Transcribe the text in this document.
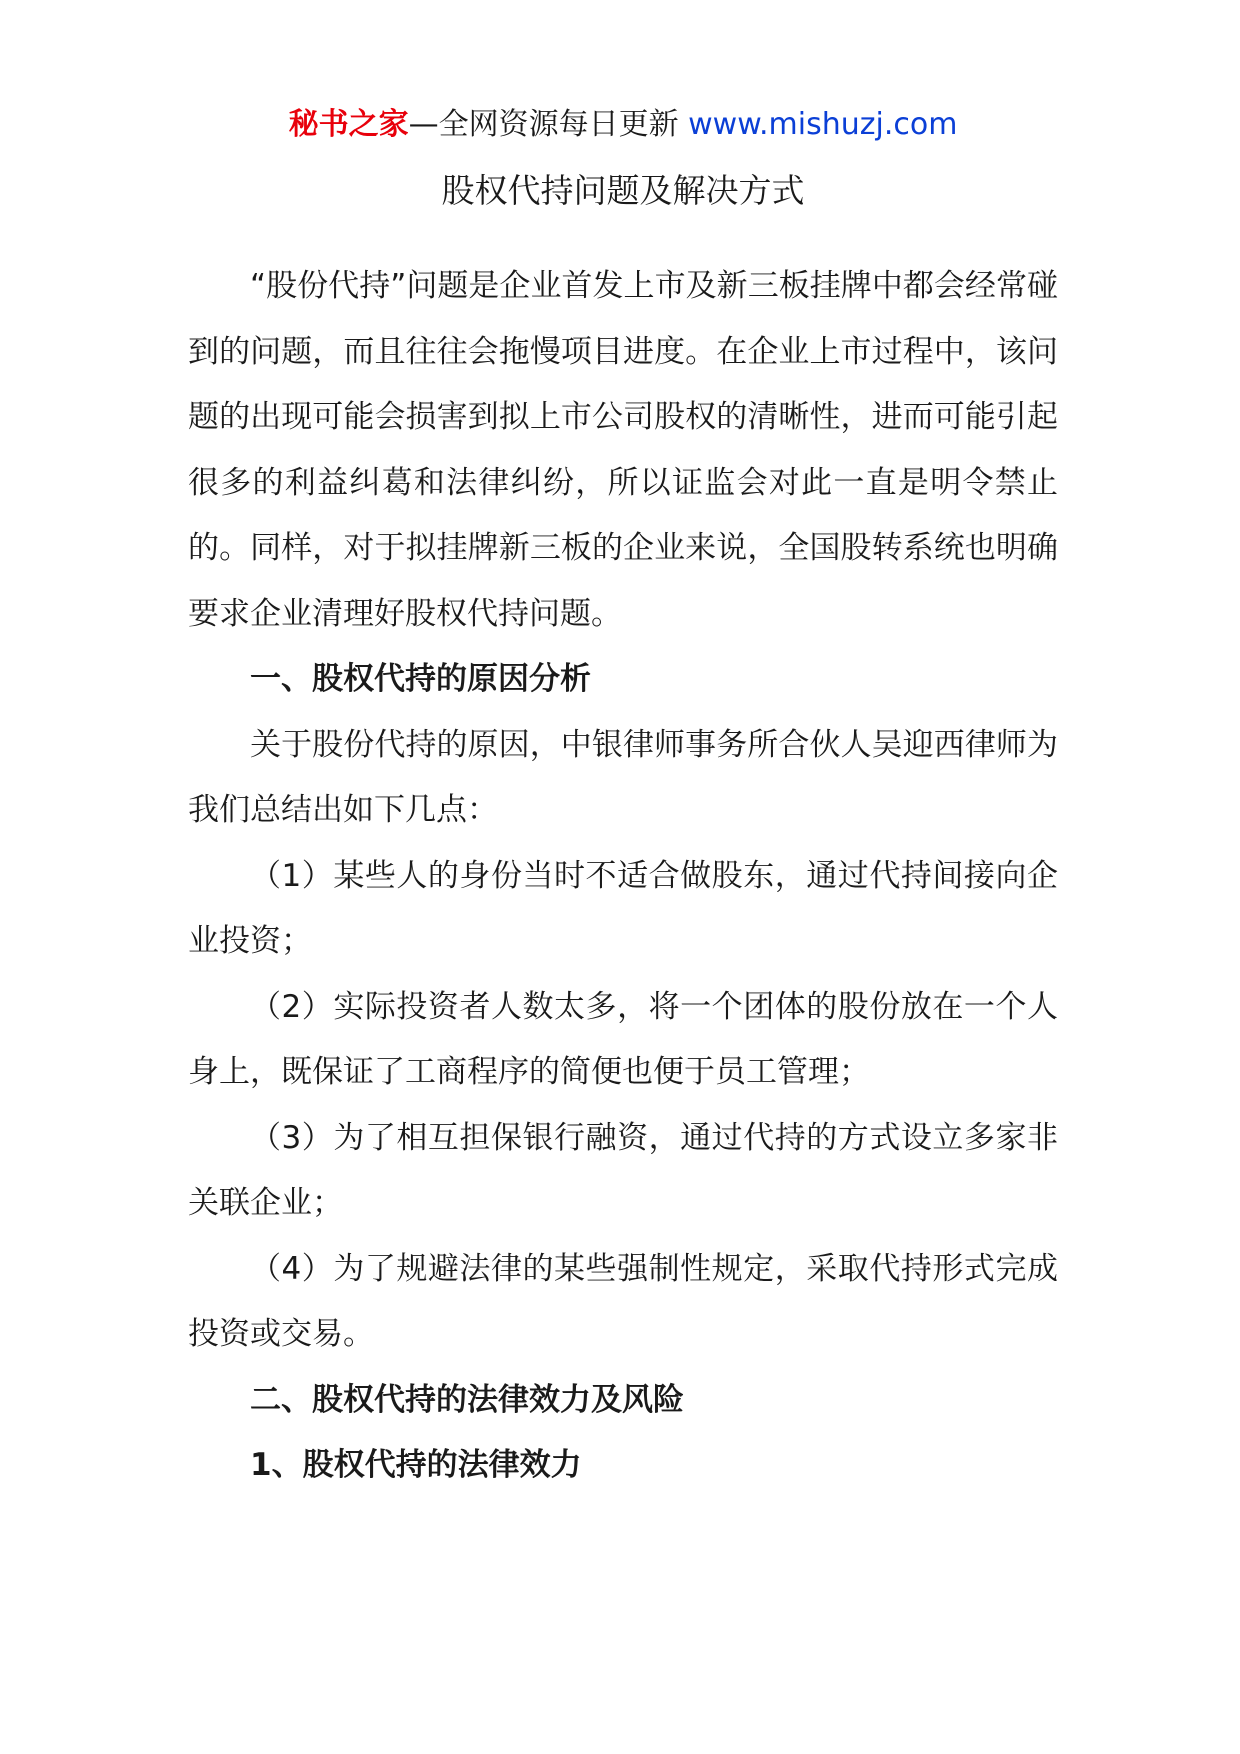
秘书之家—全网资源每日更新 www.mishuzj.com
股权代持问题及解决方式

“股份代持”问题是企业首发上市及新三板挂牌中都会经常碰到的问题，而且往往会拖慢项目进度。在企业上市过程中，该问题的出现可能会损害到拟上市公司股权的清晰性，进而可能引起很多的利益纠葛和法律纠纷，所以证监会对此一直是明令禁止的。同样，对于拟挂牌新三板的企业来说，全国股转系统也明确要求企业清理好股权代持问题。

一、股权代持的原因分析

关于股份代持的原因，中银律师事务所合伙人吴迎西律师为我们总结出如下几点：

（1）某些人的身份当时不适合做股东，通过代持间接向企业投资；

（2）实际投资者人数太多，将一个团体的股份放在一个人身上，既保证了工商程序的简便也便于员工管理；

（3）为了相互担保银行融资，通过代持的方式设立多家非关联企业；

（4）为了规避法律的某些强制性规定，采取代持形式完成投资或交易。

二、股权代持的法律效力及风险

1、股权代持的法律效力
